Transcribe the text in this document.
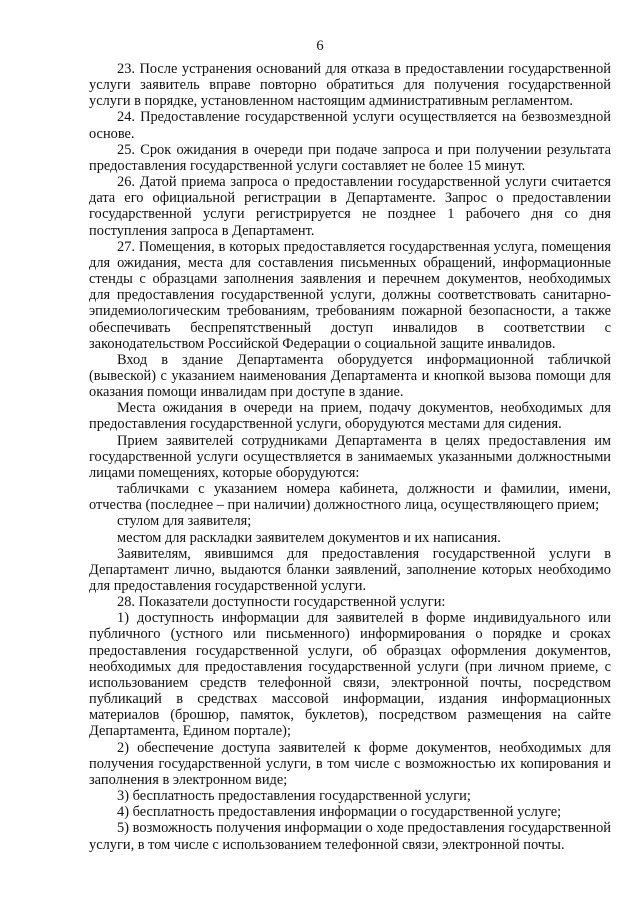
6

23. После устранения оснований для отказа в предоставлении государственной услуги заявитель вправе повторно обратиться для получения государственной услуги в порядке, установленном настоящим административным регламентом.

24. Предоставление государственной услуги осуществляется на безвозмездной основе.

25. Срок ожидания в очереди при подаче запроса и при получении результата предоставления государственной услуги составляет не более 15 минут.

26. Датой приема запроса о предоставлении государственной услуги считается дата его официальной регистрации в Департаменте. Запрос о предоставлении государственной услуги регистрируется не позднее 1 рабочего дня со дня поступления запроса в Департамент.

27. Помещения, в которых предоставляется государственная услуга, помещения для ожидания, места для составления письменных обращений, информационные стенды с образцами заполнения заявления и перечнем документов, необходимых для предоставления государственной услуги, должны соответствовать санитарно-эпидемиологическим требованиям, требованиям пожарной безопасности, а также обеспечивать беспрепятственный доступ инвалидов в соответствии с законодательством Российской Федерации о социальной защите инвалидов.

Вход в здание Департамента оборудуется информационной табличкой (вывеской) с указанием наименования Департамента и кнопкой вызова помощи для оказания помощи инвалидам при доступе в здание.

Места ожидания в очереди на прием, подачу документов, необходимых для предоставления государственной услуги, оборудуются местами для сидения.

Прием заявителей сотрудниками Департамента в целях предоставления им государственной услуги осуществляется в занимаемых указанными должностными лицами помещениях, которые оборудуются:

табличками с указанием номера кабинета, должности и фамилии, имени, отчества (последнее – при наличии) должностного лица, осуществляющего прием;

стулом для заявителя;

местом для раскладки заявителем документов и их написания.

Заявителям, явившимся для предоставления государственной услуги в Департамент лично, выдаются бланки заявлений, заполнение которых необходимо для предоставления государственной услуги.

28. Показатели доступности государственной услуги:

1) доступность информации для заявителей в форме индивидуального или публичного (устного или письменного) информирования о порядке и сроках предоставления государственной услуги, об образцах оформления документов, необходимых для предоставления государственной услуги (при личном приеме, с использованием средств телефонной связи, электронной почты, посредством публикаций в средствах массовой информации, издания информационных материалов (брошюр, памяток, буклетов), посредством размещения на сайте Департамента, Едином портале);

2) обеспечение доступа заявителей к форме документов, необходимых для получения государственной услуги, в том числе с возможностью их копирования и заполнения в электронном виде;

3) бесплатность предоставления государственной услуги;

4) бесплатность предоставления информации о государственной услуге;

5) возможность получения информации о ходе предоставления государственной услуги, в том числе с использованием телефонной связи, электронной почты.
